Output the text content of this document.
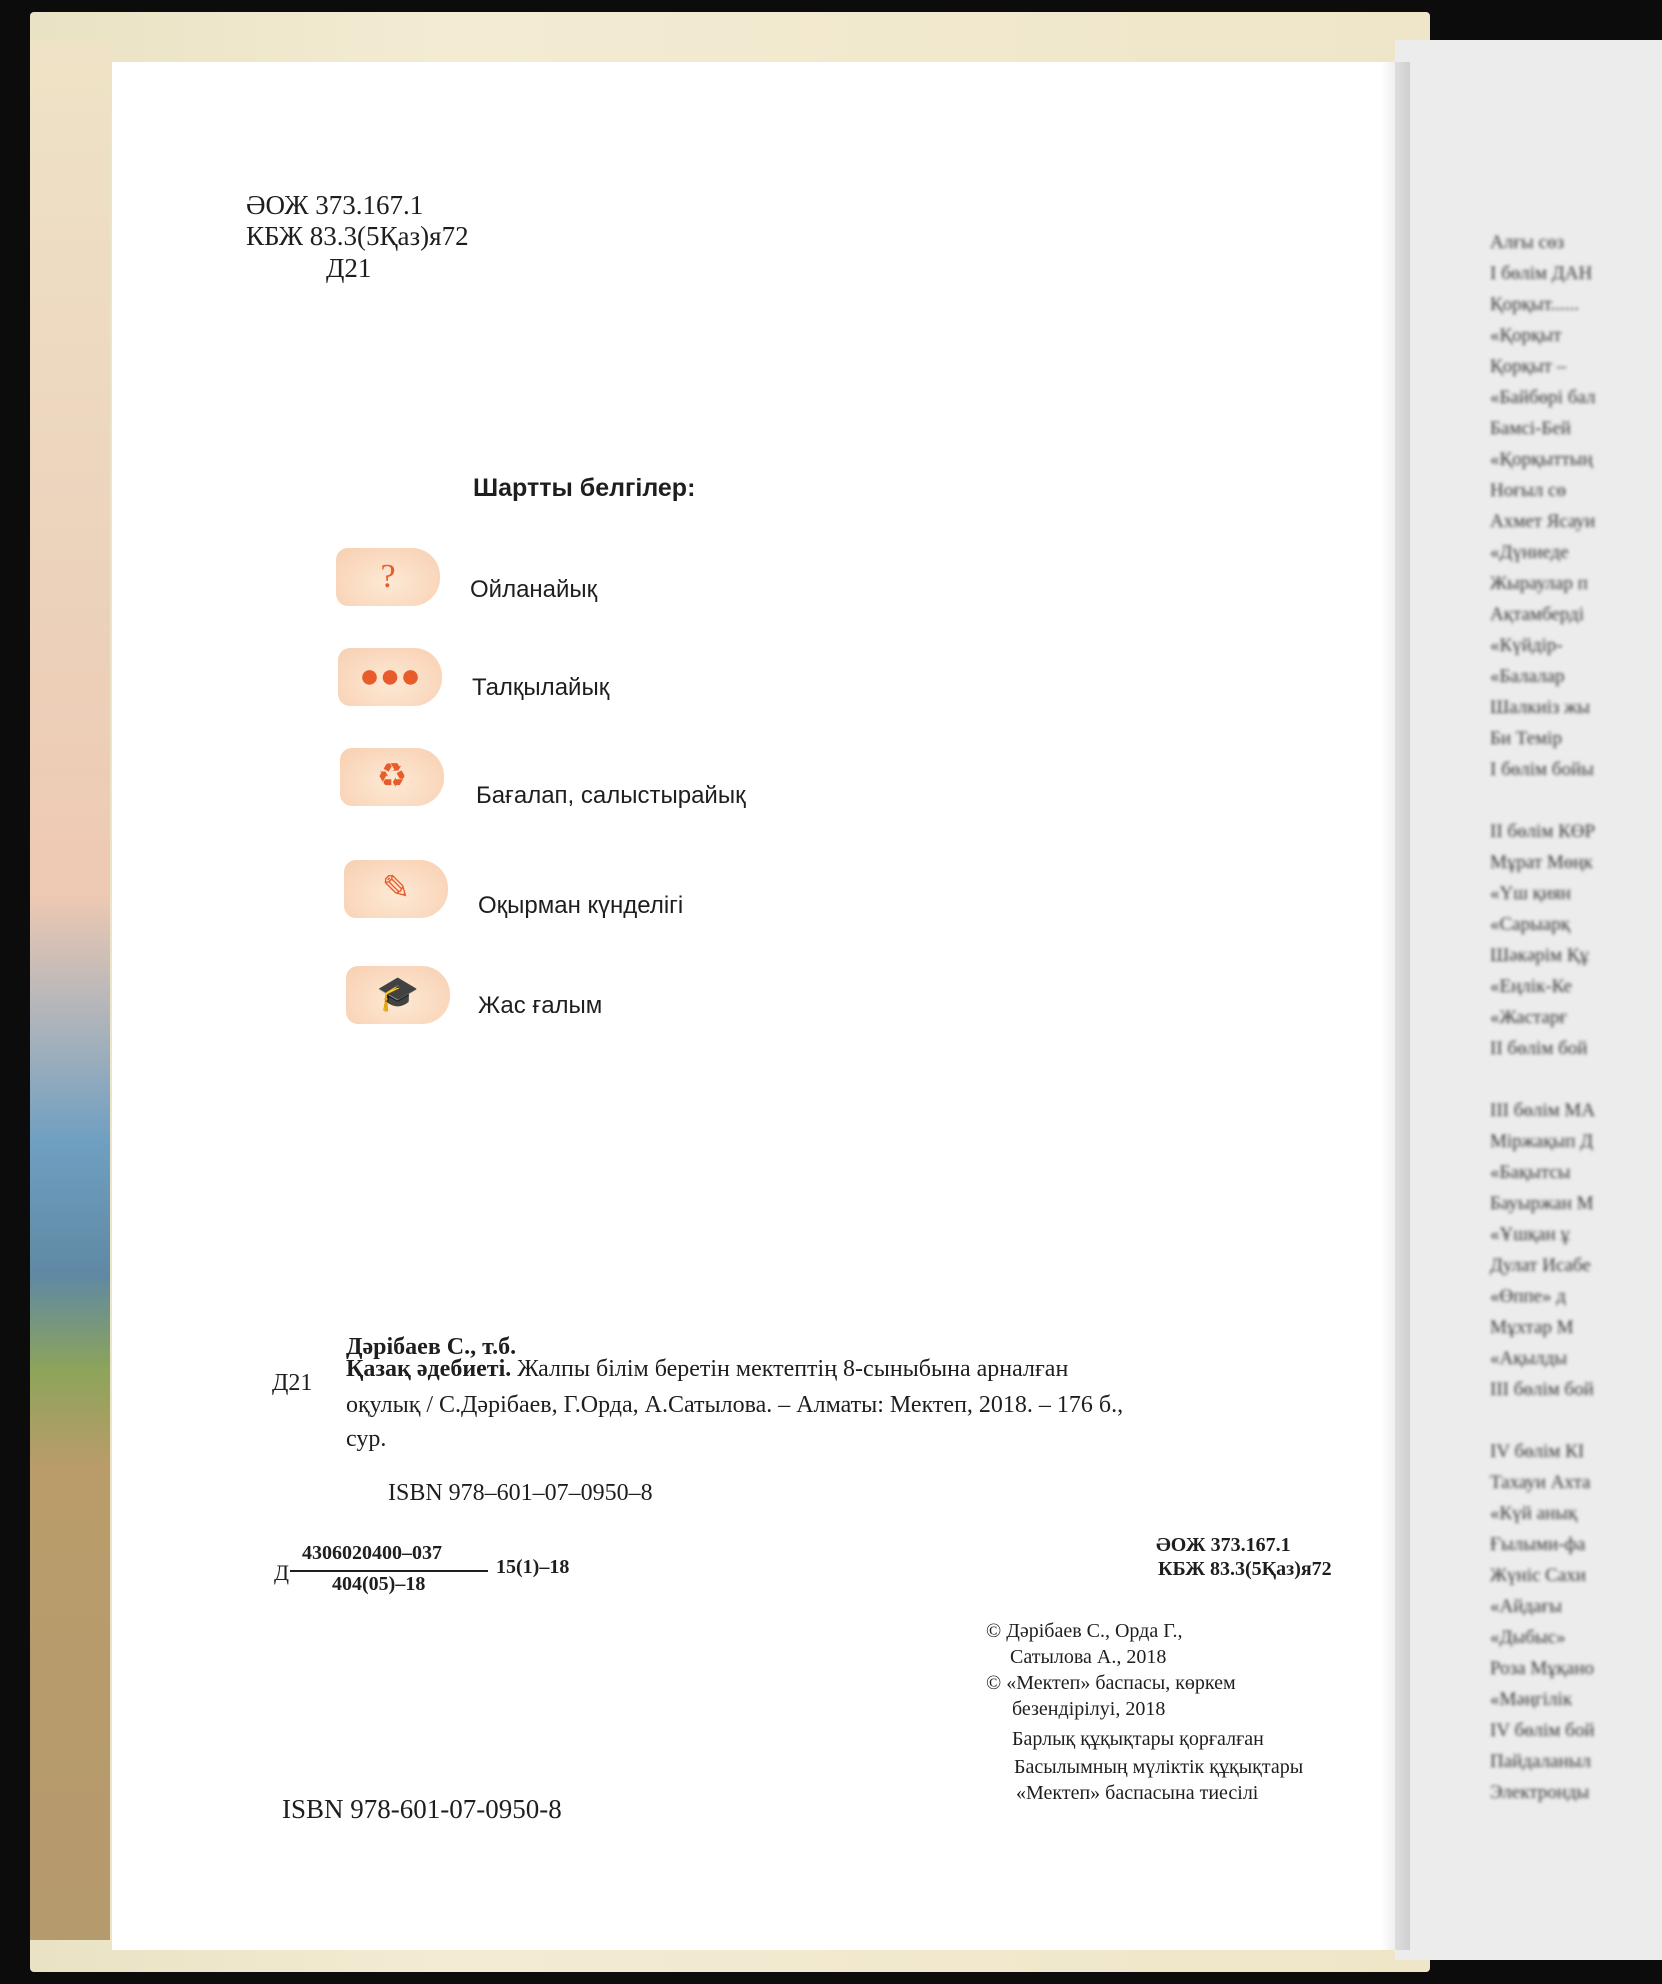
Алғы сөз
I бөлім ДАН
Қорқыт......
«Қорқыт
Қорқыт –
«Байбөрі бал
Бамсі-Бей
«Қорқыттың
Ноғыл сө
Ахмет Ясауи
«Дүниеде
Жыраулар п
Ақтамберді
«Күйдір-
«Балалар
Шалкиіз жы
Би Темір
I бөлім бойы
II бөлім КӨР
Мұрат Мөңк
«Үш қиян
«Сарыарқ
Шәкәрім Құ
«Еңлік-Ке
«Жастарғ
II бөлім бой
III бөлім МА
Міржақып Д
«Бақытсы
Бауыржан М
«Ұшқан ұ
Дулат Исабе
«Өппе» д
Мұхтар М
«Ақылды
III бөлім бой
IV бөлім КІ
Тахауи Ахта
«Күй анық
Ғылыми-фа
Жүніс Сахи
«Айдағы
«Дыбыс»
Роза Мұқано
«Мәңгілік
IV бөлім бой
Пайдаланыл
Электронды
ӘОЖ 373.167.1
КБЖ 83.3(5Қаз)я72
Д21
Шартты белгілер:
?	Ойланайық
●●●	Талқылайық
♻
Бағалап, салыстырайық
✎	Оқырман күнделігі
🎓	Жас ғалым
Дәрібаев С., т.б.
Д21
Қазақ әдебиеті. Жалпы білім беретін мектептің 8-сыныбына арналған
оқулық / С.Дәрібаев, Г.Орда, А.Сатылова. – Алматы: Мектеп, 2018. – 176 б.,
сур.
ISBN 978–601–07–0950–8
Д
4306020400–037
404(05)–18
15(1)–18
ӘОЖ 373.167.1
КБЖ 83.3(5Қаз)я72
© Дәрібаев С., Орда Г.,
Сатылова А., 2018
© «Мектеп» баспасы, көркем
безендірілуі, 2018
Барлық құқықтары қорғалған
Басылымның мүліктік құқықтары
«Мектеп» баспасына тиесілі
ISBN 978-601-07-0950-8
